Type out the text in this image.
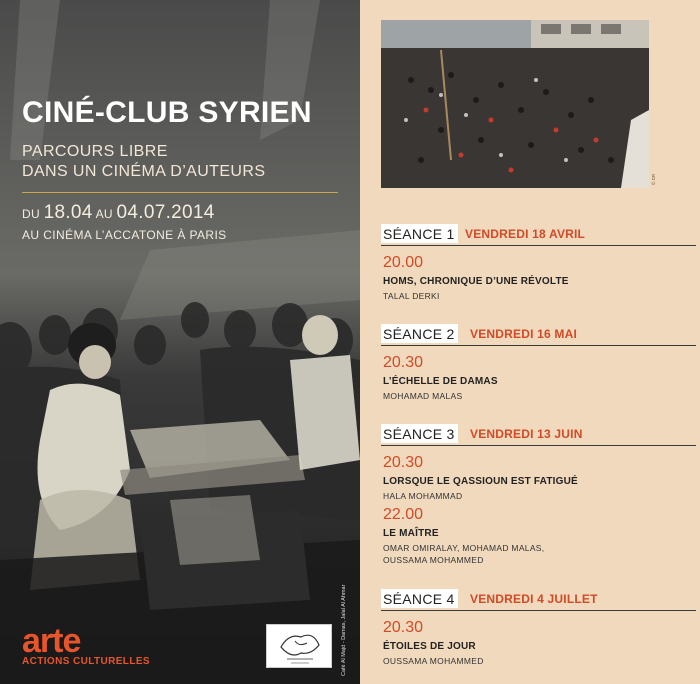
CINÉ-CLUB SYRIEN
PARCOURS LIBRE
DANS UN CINÉMA D’AUTEURS
DU 18.04 AU 04.07.2014
AU CINÉMA L’ACCATONE À PARIS
Café Al Majd - Damas, Jalal Al Ahmar
arte
ACTIONS CULTURELLES
© DR
SÉANCE 1 VENDREDI 18 AVRIL
20.00
HOMS, CHRONIQUE D’UNE RÉVOLTE
TALAL DERKI
SÉANCE 2 VENDREDI 16 MAI
20.30
L’ÉCHELLE DE DAMAS
MOHAMAD MALAS
SÉANCE 3 VENDREDI 13 JUIN
20.30
LORSQUE LE QASSIOUN EST FATIGUÉ
HALA MOHAMMAD
22.00
LE MAÎTRE
OMAR OMIRALAY, MOHAMAD MALAS,
OUSSAMA MOHAMMED
SÉANCE 4 VENDREDI 4 JUILLET
20.30
ÉTOILES DE JOUR
OUSSAMA MOHAMMED
